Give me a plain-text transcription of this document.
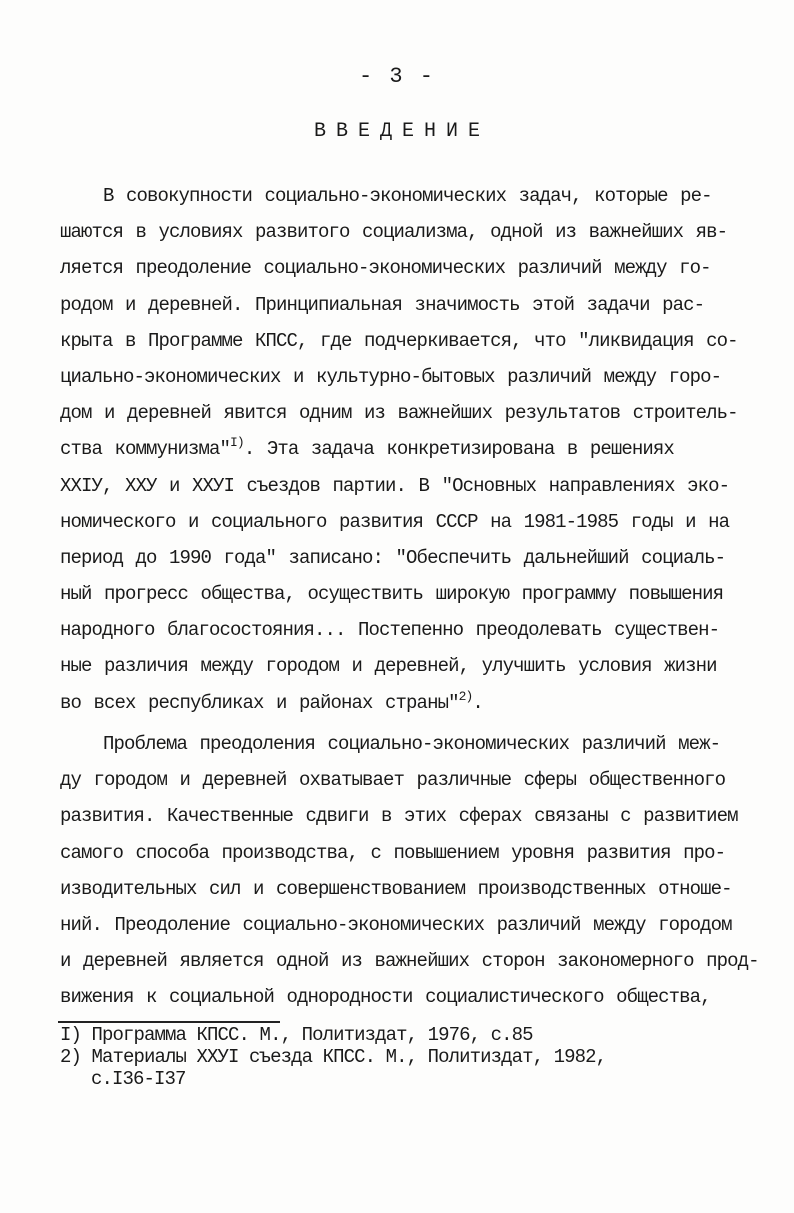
- 3 -
ВВЕДЕНИЕ
В совокупности социально-экономических задач, которые ре-
шаются в условиях развитого социализма, одной из важнейших яв-
ляется преодоление социально-экономических различий между го-
родом и деревней. Принципиальная значимость этой задачи рас-
крыта в Программе КПСС, где подчеркивается, что "ликвидация со-
циально-экономических и культурно-бытовых различий между горо-
дом и деревней явится одним из важнейших результатов строитель-
ства коммунизма"$^{I)}$. Эта задача конкретизирована в решениях
ХХIУ, ХХУ и ХХУI съездов партии. В "Основных направлениях эко-
номического и социального развития СССР на 1981-1985 годы и на
период до 1990 года" записано: "Обеспечить дальнейший социаль-
ный прогресс общества, осуществить широкую программу повышения
народного благосостояния... Постепенно преодолевать существен-
ные различия между городом и деревней, улучшить условия жизни
во всех республиках и районах страны"$^{2)}$.
Проблема преодоления социально-экономических различий меж-
ду городом и деревней охватывает различные сферы общественного
развития. Качественные сдвиги в этих сферах связаны с развитием
самого способа производства, с повышением уровня развития про-
изводительных сил и совершенствованием производственных отноше-
ний. Преодоление социально-экономических различий между городом
и деревней является одной из важнейших сторон закономерного прод-
вижения к социальной однородности социалистического общества,
I) Программа КПСС. М., Политиздат, 1976, с.85
2) Материалы ХХУI съезда КПСС. М., Политиздат, 1982,
с.I36-I37
